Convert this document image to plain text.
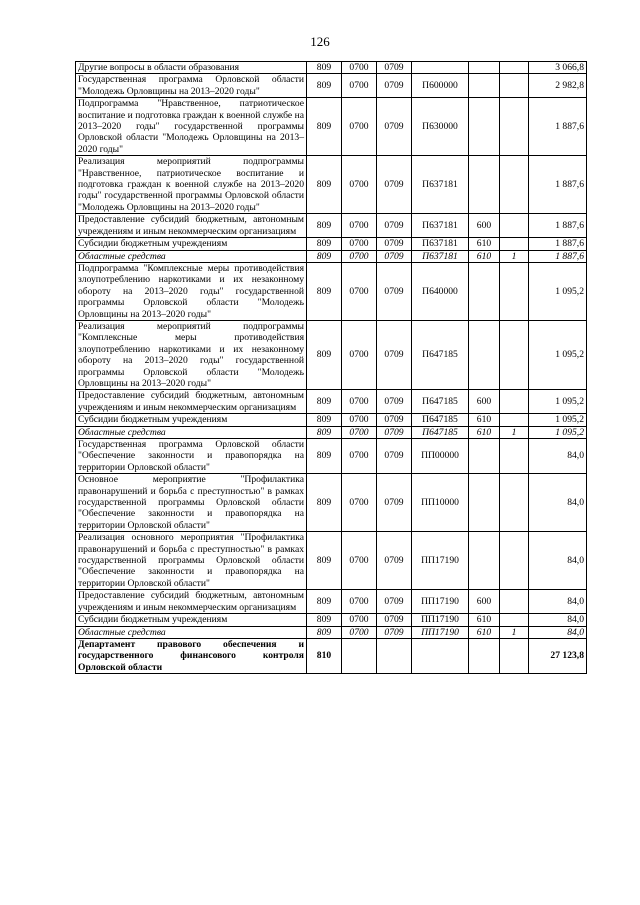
126
Другие вопросы в области образования	809	0700	0709				3 066,8
Государственная программа Орловской области "Молодежь Орловщины на 2013–2020 годы"	809	0700	0709	П600000			2 982,8
Подпрограмма "Нравственное, патриотическое воспитание и подготовка граждан к военной службе на 2013–2020 годы" государственной программы Орловской области "Молодежь Орловщины на 2013–2020 годы"	809	0700	0709	П630000			1 887,6
Реализация мероприятий подпрограммы "Нравственное, патриотическое воспитание и подготовка граждан к военной службе на 2013–2020 годы" государственной программы Орловской области "Молодежь Орловщины на 2013–2020 годы"	809	0700	0709	П637181			1 887,6
Предоставление субсидий бюджетным, автономным учреждениям и иным некоммерческим организациям	809	0700	0709	П637181	600		1 887,6
Субсидии бюджетным учреждениям	809	0700	0709	П637181	610		1 887,6
Областные средства	809	0700	0709	П637181	610	1	1 887,6
Подпрограмма "Комплексные меры противодействия злоупотреблению наркотиками и их незаконному обороту на 2013–2020 годы" государственной программы Орловской области "Молодежь Орловщины на 2013–2020 годы"	809	0700	0709	П640000			1 095,2
Реализация мероприятий подпрограммы "Комплексные меры противодействия злоупотреблению наркотиками и их незаконному обороту на 2013–2020 годы" государственной программы Орловской области "Молодежь Орловщины на 2013–2020 годы"	809	0700	0709	П647185			1 095,2
Предоставление субсидий бюджетным, автономным учреждениям и иным некоммерческим организациям	809	0700	0709	П647185	600		1 095,2
Субсидии бюджетным учреждениям	809	0700	0709	П647185	610		1 095,2
Областные средства	809	0700	0709	П647185	610	1	1 095,2
Государственная программа Орловской области "Обеспечение законности и правопорядка на территории Орловской области"	809	0700	0709	ПП00000			84,0
Основное мероприятие "Профилактика правонарушений и борьба с преступностью" в рамках государственной программы Орловской области "Обеспечение законности и правопорядка на территории Орловской области"	809	0700	0709	ПП10000			84,0
Реализация основного мероприятия "Профилактика правонарушений и борьба с преступностью" в рамках государственной программы Орловской области "Обеспечение законности и правопорядка на территории Орловской области"	809	0700	0709	ПП17190			84,0
Предоставление субсидий бюджетным, автономным учреждениям и иным некоммерческим организациям	809	0700	0709	ПП17190	600		84,0
Субсидии бюджетным учреждениям	809	0700	0709	ПП17190	610		84,0
Областные средства	809	0700	0709	ПП17190	610	1	84,0
Департамент правового обеспечения и государственного финансового контроля Орловской области	810						27 123,8
